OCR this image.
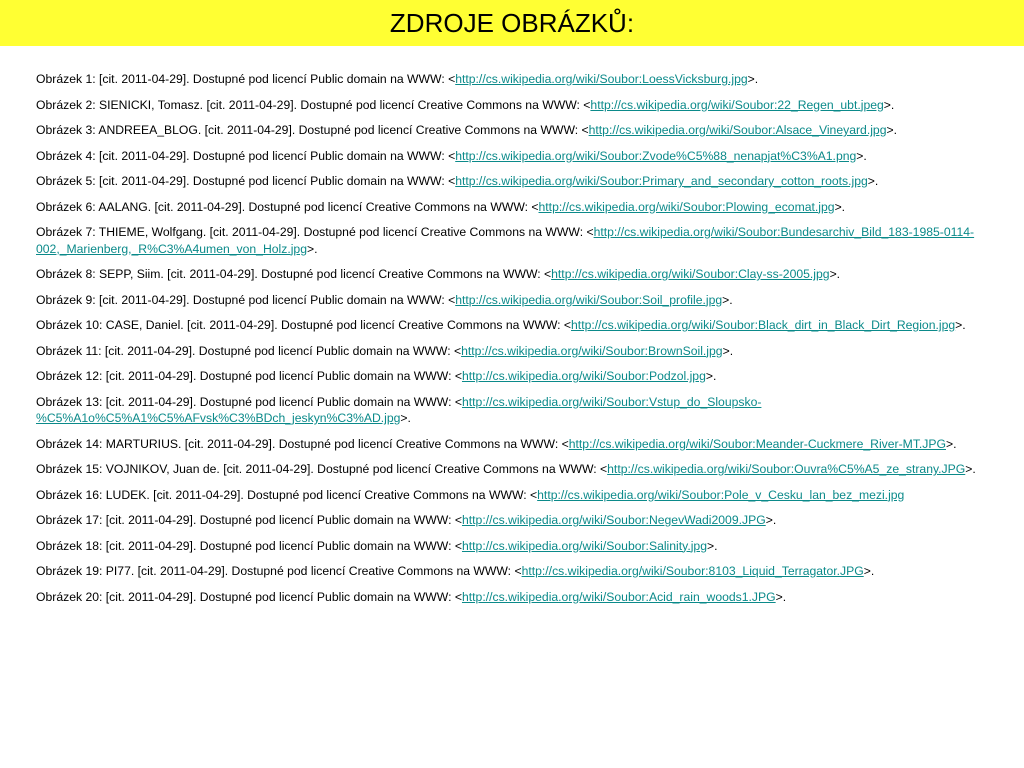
ZDROJE OBRÁZKŮ:

Obrázek 1: [cit. 2011-04-29]. Dostupné pod licencí Public domain na WWW: <http://cs.wikipedia.org/wiki/Soubor:LoessVicksburg.jpg>.

Obrázek 2: SIENICKI, Tomasz. [cit. 2011-04-29]. Dostupné pod licencí Creative Commons na WWW: <http://cs.wikipedia.org/wiki/Soubor:22_Regen_ubt.jpeg>.

Obrázek 3: ANDREEA_BLOG. [cit. 2011-04-29]. Dostupné pod licencí Creative Commons na WWW: <http://cs.wikipedia.org/wiki/Soubor:Alsace_Vineyard.jpg>.

Obrázek 4: [cit. 2011-04-29]. Dostupné pod licencí Public domain na WWW: <http://cs.wikipedia.org/wiki/Soubor:Zvode%C5%88_nenapjat%C3%A1.png>.

Obrázek 5: [cit. 2011-04-29]. Dostupné pod licencí Public domain na WWW: <http://cs.wikipedia.org/wiki/Soubor:Primary_and_secondary_cotton_roots.jpg>.

Obrázek 6: AALANG. [cit. 2011-04-29]. Dostupné pod licencí Creative Commons na WWW: <http://cs.wikipedia.org/wiki/Soubor:Plowing_ecomat.jpg>.

Obrázek 7: THIEME, Wolfgang. [cit. 2011-04-29]. Dostupné pod licencí Creative Commons na WWW: <http://cs.wikipedia.org/wiki/Soubor:Bundesarchiv_Bild_183-1985-0114-002,_Marienberg,_R%C3%A4umen_von_Holz.jpg>.

Obrázek 8: SEPP, Siim. [cit. 2011-04-29]. Dostupné pod licencí Creative Commons na WWW: <http://cs.wikipedia.org/wiki/Soubor:Clay-ss-2005.jpg>.

Obrázek 9: [cit. 2011-04-29]. Dostupné pod licencí Public domain na WWW: <http://cs.wikipedia.org/wiki/Soubor:Soil_profile.jpg>.

Obrázek 10: CASE, Daniel. [cit. 2011-04-29]. Dostupné pod licencí Creative Commons na WWW: <http://cs.wikipedia.org/wiki/Soubor:Black_dirt_in_Black_Dirt_Region.jpg>.

Obrázek 11: [cit. 2011-04-29]. Dostupné pod licencí Public domain na WWW: <http://cs.wikipedia.org/wiki/Soubor:BrownSoil.jpg>.

Obrázek 12: [cit. 2011-04-29]. Dostupné pod licencí Public domain na WWW: <http://cs.wikipedia.org/wiki/Soubor:Podzol.jpg>.

Obrázek 13: [cit. 2011-04-29]. Dostupné pod licencí Public domain na WWW: <http://cs.wikipedia.org/wiki/Soubor:Vstup_do_Sloupsko-%C5%A1o%C5%A1%C5%AFvsk%C3%BDch_jeskyn%C3%AD.jpg>.

Obrázek 14: MARTURIUS. [cit. 2011-04-29]. Dostupné pod licencí Creative Commons na WWW: <http://cs.wikipedia.org/wiki/Soubor:Meander-Cuckmere_River-MT.JPG>.

Obrázek 15: VOJNIKOV, Juan de. [cit. 2011-04-29]. Dostupné pod licencí Creative Commons na WWW: <http://cs.wikipedia.org/wiki/Soubor:Ouvra%C5%A5_ze_strany.JPG>.

Obrázek 16: LUDEK. [cit. 2011-04-29]. Dostupné pod licencí Creative Commons na WWW: <http://cs.wikipedia.org/wiki/Soubor:Pole_v_Cesku_lan_bez_mezi.jpg

Obrázek 17: [cit. 2011-04-29]. Dostupné pod licencí Public domain na WWW: <http://cs.wikipedia.org/wiki/Soubor:NegevWadi2009.JPG>.

Obrázek 18: [cit. 2011-04-29]. Dostupné pod licencí Public domain na WWW: <http://cs.wikipedia.org/wiki/Soubor:Salinity.jpg>.

Obrázek 19: PI77. [cit. 2011-04-29]. Dostupné pod licencí Creative Commons na WWW: <http://cs.wikipedia.org/wiki/Soubor:8103_Liquid_Terragator.JPG>.

Obrázek 20: [cit. 2011-04-29]. Dostupné pod licencí Public domain na WWW: <http://cs.wikipedia.org/wiki/Soubor:Acid_rain_woods1.JPG>.
